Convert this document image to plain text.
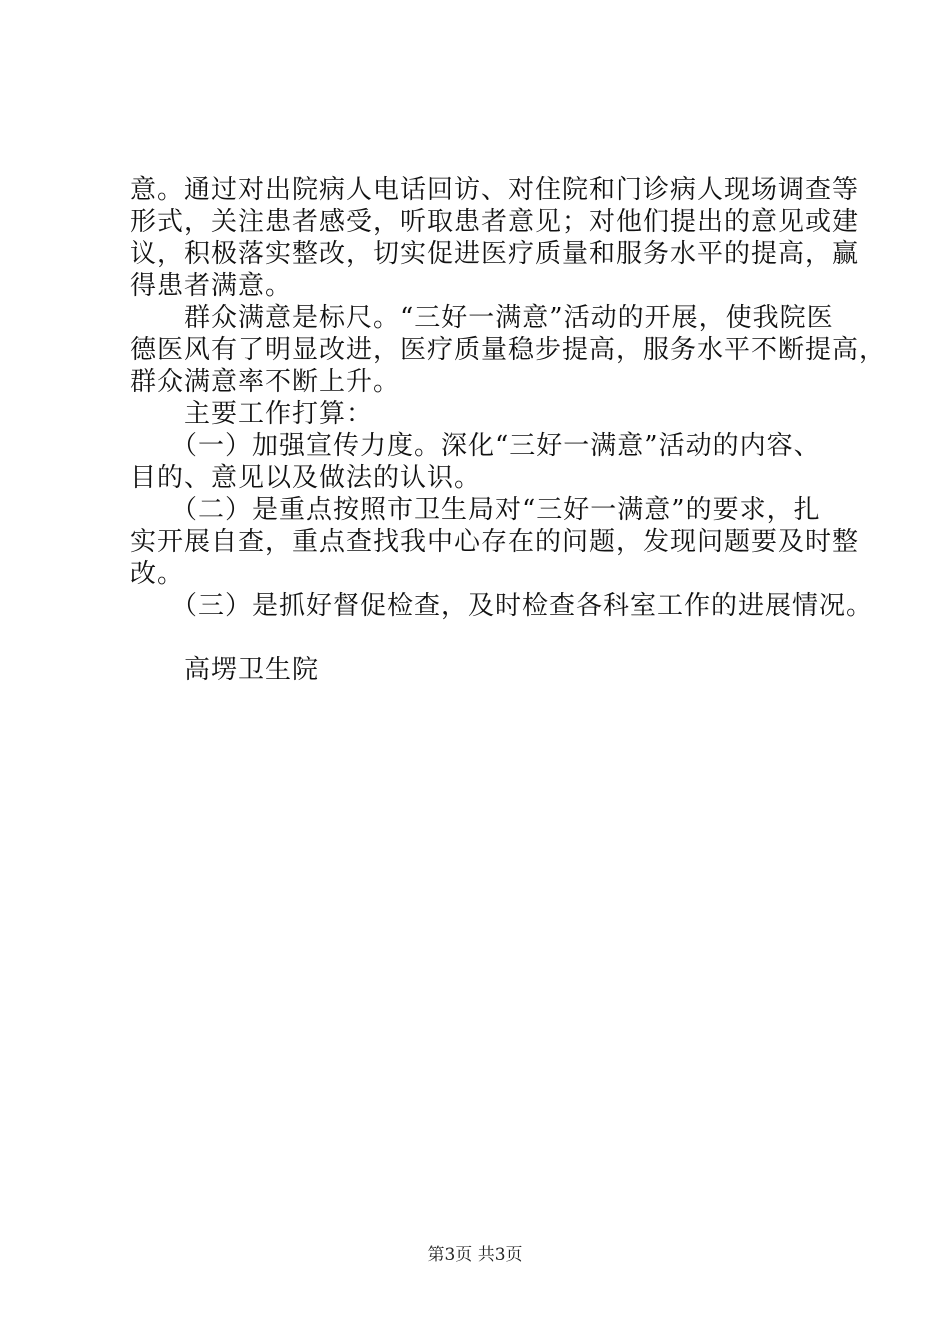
意。通过对出院病人电话回访、对住院和门诊病人现场调查等
形式，关注患者感受，听取患者意见；对他们提出的意见或建
议，积极落实整改，切实促进医疗质量和服务水平的提高，赢
得患者满意。
　　群众满意是标尺。“三好一满意”活动的开展，使我院医
德医风有了明显改进，医疗质量稳步提高，服务水平不断提高，
群众满意率不断上升。
　　主要工作打算：
　　（一）加强宣传力度。深化“三好一满意”活动的内容、
目的、意见以及做法的认识。
　　（二）是重点按照市卫生局对“三好一满意”的要求，扎
实开展自查，重点查找我中心存在的问题，发现问题要及时整
改。
　　（三）是抓好督促检查，及时检查各科室工作的进展情况。
　　高塄卫生院
第3页 共3页
